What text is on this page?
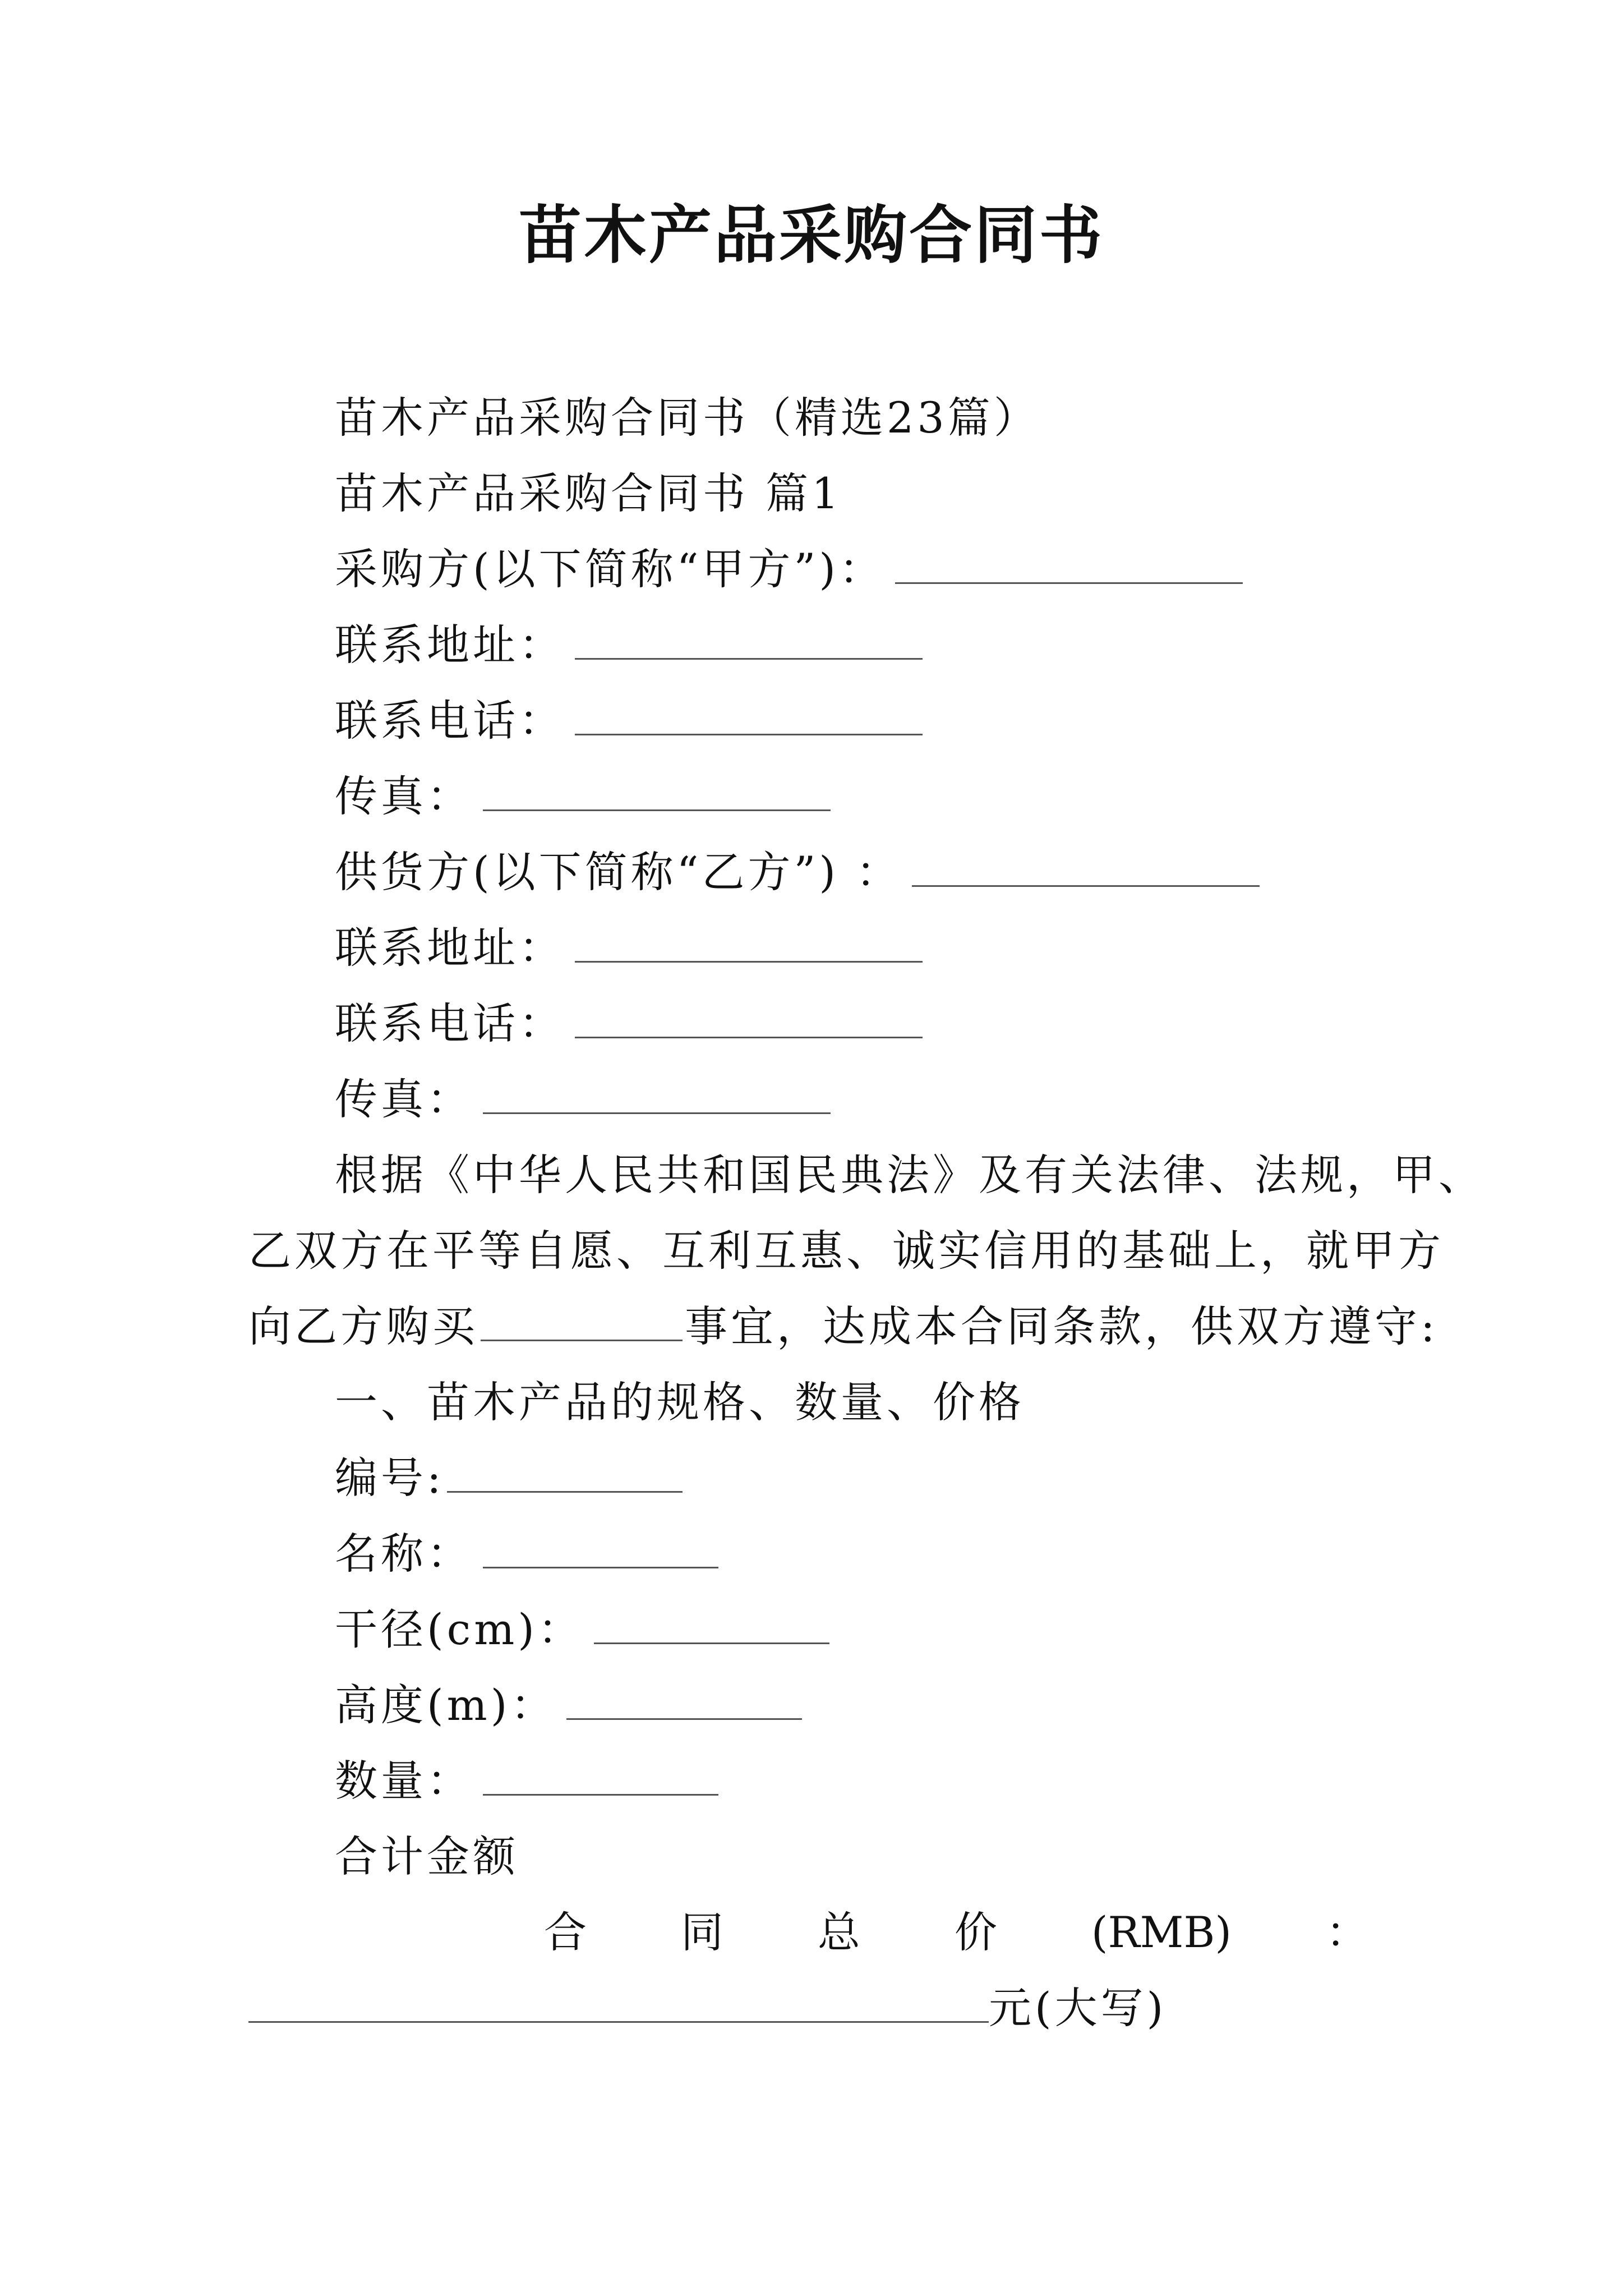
苗木产品采购合同书
苗木产品采购合同书（精选23篇）
苗木产品采购合同书 篇1
采购方(以下简称“甲方”)：
联系地址：
联系电话：
传真：
供货方(以下简称“乙方”) ：
联系地址：
联系电话：
传真：
根据《中华人民共和国民典法》及有关法律、法规，甲、
乙双方在平等自愿、互利互惠、诚实信用的基础上，就甲方
向乙方购买	事宜，达成本合同条款，供双方遵守:
一、苗木产品的规格、数量、价格
编号:
名称：
干径(cm)：
高度(m)：
数量：
合计金额
合 同 总 价 (RMB) ：
元(大写)
